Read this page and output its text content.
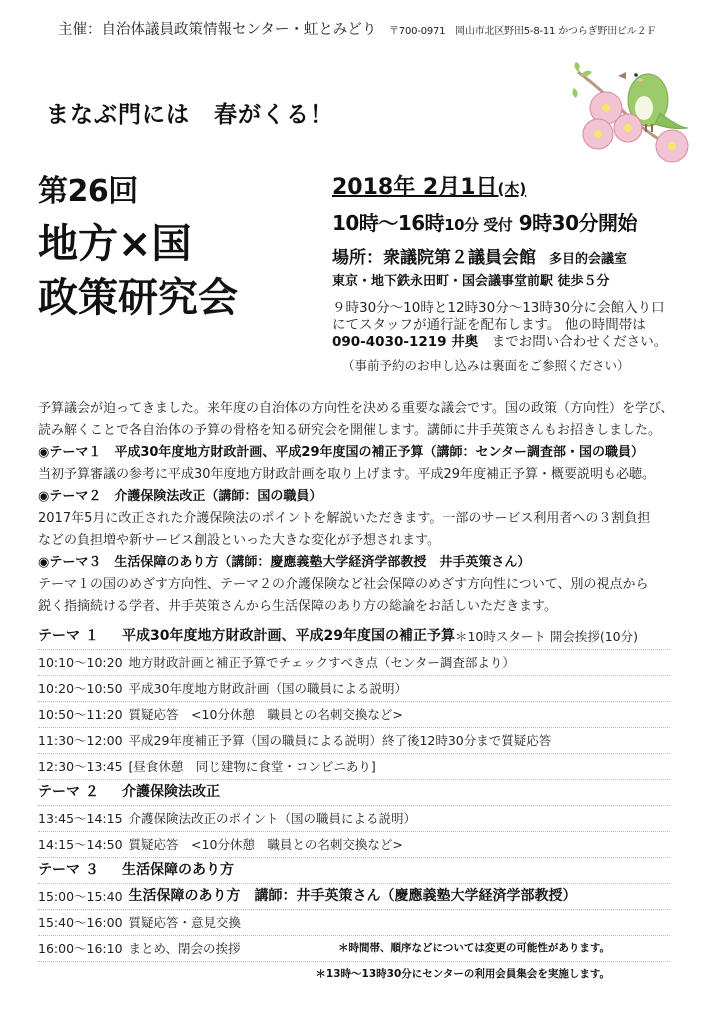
主催：自治体議員政策情報センター・虹とみどり 〒700-0971　岡山市北区野田5-8-11 かつらぎ野田ビル２Ｆ
まなぶ門には　春がくる！
第26回
地方×国
政策研究会
2018年 2月1日(木)
10時〜16時10分 受付 9時30分開始
場所：衆議院第２議員会館　多目的会議室
東京・地下鉄永田町・国会議事堂前駅 徒歩５分
９時30分〜10時と12時30分〜13時30分に会館入り口
にてスタッフが通行証を配布します。 他の時間帯は
090-4030-1219 井奥　までお問い合わせください。
（事前予約のお申し込みは裏面をご参照ください）
予算議会が迫ってきました。来年度の自治体の方向性を決める重要な議会です。国の政策（方向性）を学び、
読み解くことで各自治体の予算の骨格を知る研究会を開催します。講師に井手英策さんもお招きしました。
◉テーマ１　平成30年度地方財政計画、平成29年度国の補正予算（講師：センター調査部・国の職員）
当初予算審議の参考に平成30年度地方財政計画を取り上げます。平成29年度補正予算・概要説明も必聴。
◉テーマ２　介護保険法改正（講師：国の職員）
2017年5月に改正された介護保険法のポイントを解説いただきます。一部のサービス利用者への３割負担
などの負担増や新サービス創設といった大きな変化が予想されます。
◉テーマ３　生活保障のあり方（講師：慶應義塾大学経済学部教授　井手英策さん）
テーマ１の国のめざす方向性、テーマ２の介護保険など社会保障のめざす方向性について、別の視点から
鋭く指摘続ける学者、井手英策さんから生活保障のあり方の総論をお話しいただきます。
テーマ １	平成30年度地方財政計画、平成29年度国の補正予算 ＊10時スタート 開会挨拶(10分)
10:10〜10:20 地方財政計画と補正予算でチェックすべき点（センター調査部より）
10:20〜10:50 平成30年度地方財政計画（国の職員による説明）
10:50〜11:20 質疑応答　<10分休憩　職員との名刺交換など>
11:30〜12:00 平成29年度補正予算（国の職員による説明）終了後12時30分まで質疑応答
12:30〜13:45 [昼食休憩　同じ建物に食堂・コンビニあり]
テーマ ２	介護保険法改正
13:45〜14:15 介護保険法改正のポイント（国の職員による説明）
14:15〜14:50 質疑応答　<10分休憩　職員との名刺交換など>
テーマ ３	生活保障のあり方
15:00〜15:40 生活保障のあり方　講師：井手英策さん（慶應義塾大学経済学部教授）
15:40〜16:00 質疑応答・意見交換
16:00〜16:10 まとめ、閉会の挨拶	＊時間帯、順序などについては変更の可能性があります。
＊13時〜13時30分にセンターの利用会員集会を実施します。
